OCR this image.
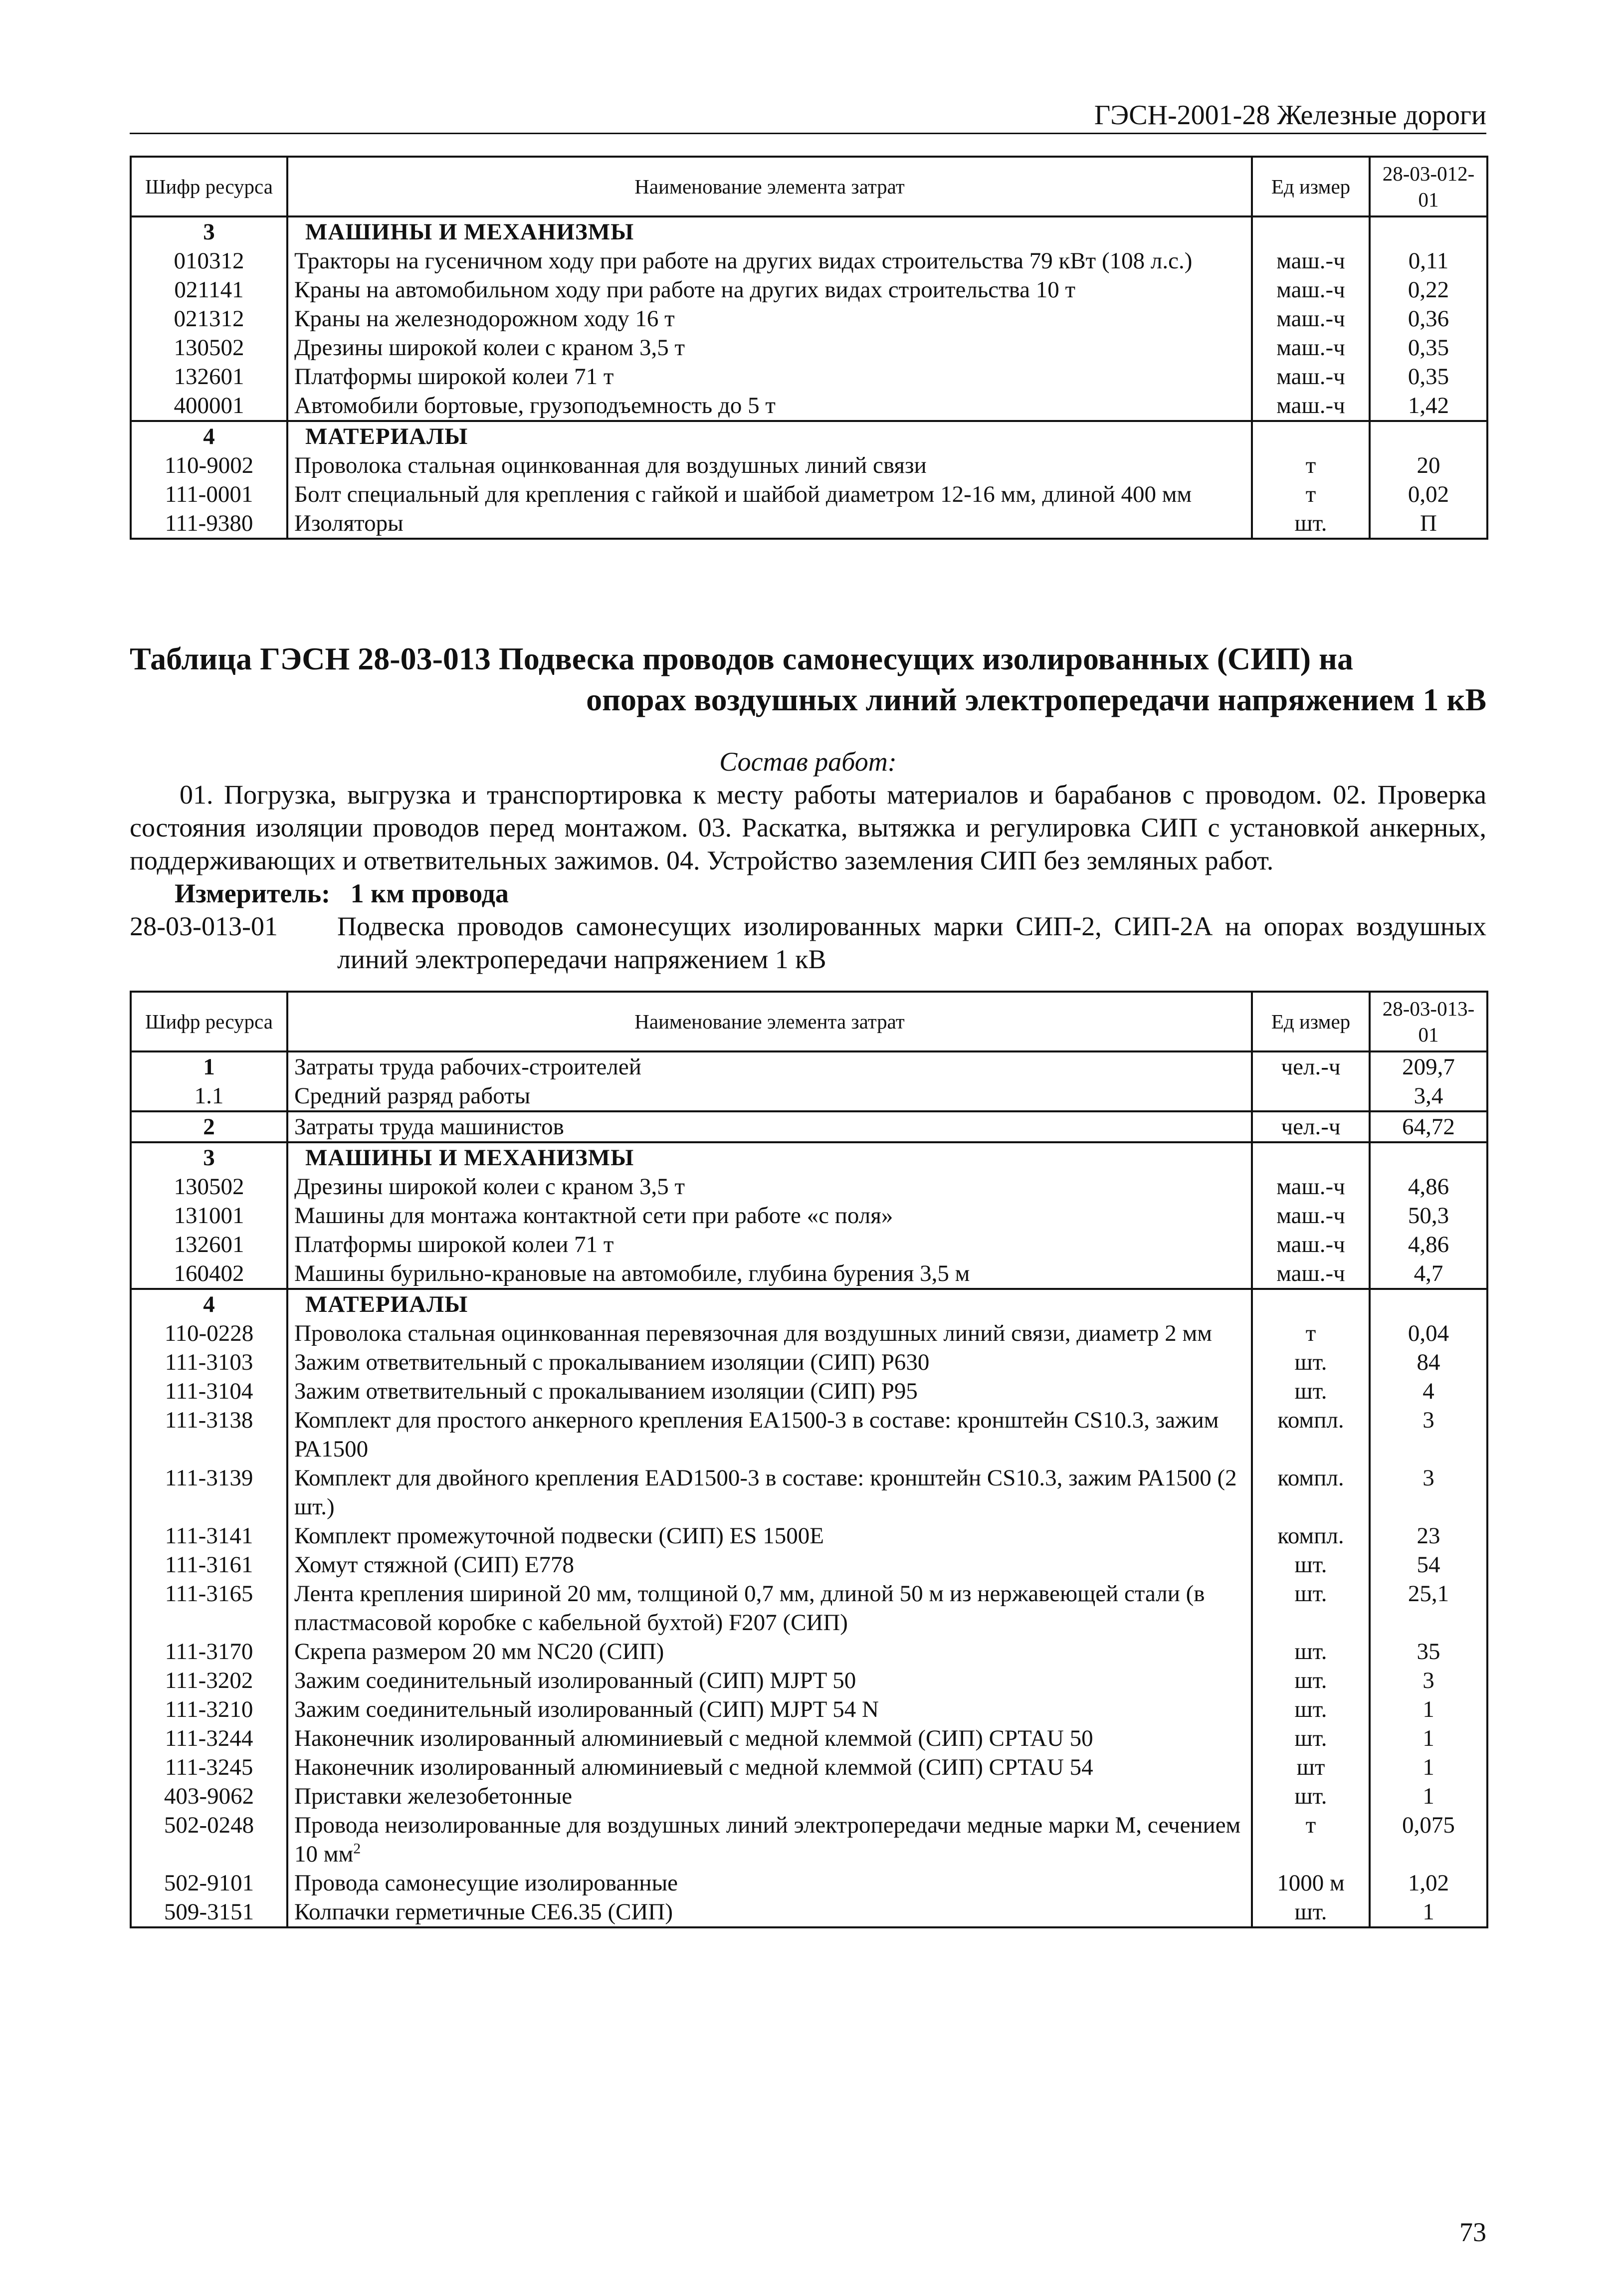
ГЭСН-2001-28 Железные дороги
Шифр ресурса	Наименование элемента затрат	Ед измер	28-03-012-01
3	МАШИНЫ И МЕХАНИЗМЫ		
010312	Тракторы на гусеничном ходу при работе на других видах строительства 79 кВт (108 л.с.)	маш.-ч	0,11
021141	Краны на автомобильном ходу при работе на других видах строительства 10 т	маш.-ч	0,22
021312	Краны на железнодорожном ходу 16 т	маш.-ч	0,36
130502	Дрезины широкой колеи с краном 3,5 т	маш.-ч	0,35
132601	Платформы широкой колеи 71 т	маш.-ч	0,35
400001	Автомобили бортовые, грузоподъемность до 5 т	маш.-ч	1,42
4	МАТЕРИАЛЫ		
110-9002	Проволока стальная оцинкованная для воздушных линий связи	т	20
111-0001	Болт специальный для крепления с гайкой и шайбой диаметром 12-16 мм, длиной 400 мм	т	0,02
111-9380	Изоляторы	шт.	П
Таблица ГЭСН 28-03-013 Подвеска проводов самонесущих изолированных (СИП) на
опорах воздушных линий электропередачи напряжением 1 кВ
Состав работ:

01. Погрузка, выгрузка и транспортировка к месту работы материалов и барабанов с проводом. 02. Проверка состояния изоляции проводов перед монтажом. 03. Раскатка, вытяжка и регулировка СИП с установкой анкерных, поддерживающих и ответвительных зажимов. 04. Устройство заземления СИП без земляных работ.

Измеритель: 1 км провода
28-03-013-01 Подвеска проводов самонесущих изолированных марки СИП-2, СИП-2А на опорах воздушных линий электропередачи напряжением 1 кВ
Шифр ресурса	Наименование элемента затрат	Ед измер	28-03-013-01
1	Затраты труда рабочих-строителей	чел.-ч	209,7
1.1	Средний разряд работы		3,4
2	Затраты труда машинистов	чел.-ч	64,72
3	МАШИНЫ И МЕХАНИЗМЫ		
130502	Дрезины широкой колеи с краном 3,5 т	маш.-ч	4,86
131001	Машины для монтажа контактной сети при работе «с поля»	маш.-ч	50,3
132601	Платформы широкой колеи 71 т	маш.-ч	4,86
160402	Машины бурильно-крановые на автомобиле, глубина бурения 3,5 м	маш.-ч	4,7
4	МАТЕРИАЛЫ		
110-0228	Проволока стальная оцинкованная перевязочная для воздушных линий связи, диаметр 2 мм	т	0,04
111-3103	Зажим ответвительный с прокалыванием изоляции (СИП) Р630	шт.	84
111-3104	Зажим ответвительный с прокалыванием изоляции (СИП) Р95	шт.	4
111-3138	Комплект для простого анкерного крепления ЕА1500-3 в составе: кронштейн CS10.3, зажим РА1500	компл.	3
111-3139	Комплект для двойного крепления EAD1500-3 в составе: кронштейн CS10.3, зажим РА1500 (2 шт.)	компл.	3
111-3141	Комплект промежуточной подвески (СИП) ES 1500Е	компл.	23
111-3161	Хомут стяжной (СИП) Е778	шт.	54
111-3165	Лента крепления шириной 20 мм, толщиной 0,7 мм, длиной 50 м из нержавеющей стали (в пластмасовой коробке с кабельной бухтой) F207 (СИП)	шт.	25,1
111-3170	Скрепа размером 20 мм NC20 (СИП)	шт.	35
111-3202	Зажим соединительный изолированный (СИП) MJPT 50	шт.	3
111-3210	Зажим соединительный изолированный (СИП) MJPT 54 N	шт.	1
111-3244	Наконечник изолированный алюминиевый с медной клеммой (СИП) CPTAU 50	шт.	1
111-3245	Наконечник изолированный алюминиевый с медной клеммой (СИП) CPTAU 54	шт	1
403-9062	Приставки железобетонные	шт.	1
502-0248	Провода неизолированные для воздушных линий электропередачи медные марки М, сечением 10 $мм^2$	т	0,075
502-9101	Провода самонесущие изолированные	1000 м	1,02
509-3151	Колпачки герметичные СЕ6.35 (СИП)	шт.	1
73
